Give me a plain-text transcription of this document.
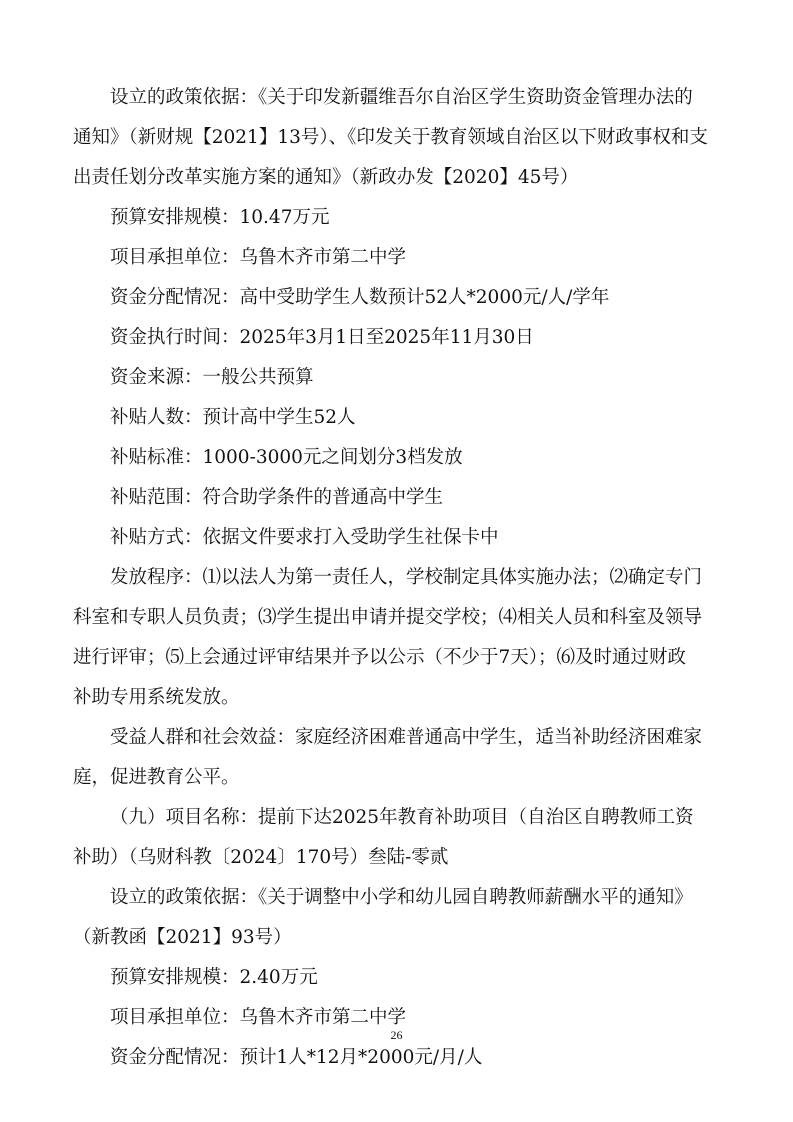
设立的政策依据：《关于印发新疆维吾尔自治区学生资助资金管理办法的
通知》（新财规【2021】13号）、《印发关于教育领域自治区以下财政事权和支
出责任划分改革实施方案的通知》（新政办发【2020】45号）

预算安排规模：10.47万元

项目承担单位：乌鲁木齐市第二中学

资金分配情况：高中受助学生人数预计52人*2000元/人/学年

资金执行时间：2025年3月1日至2025年11月30日

资金来源：一般公共预算

补贴人数：预计高中学生52人

补贴标准：1000-3000元之间划分3档发放

补贴范围：符合助学条件的普通高中学生

补贴方式：依据文件要求打入受助学生社保卡中

发放程序：⑴以法人为第一责任人，学校制定具体实施办法；⑵确定专门
科室和专职人员负责；⑶学生提出申请并提交学校；⑷相关人员和科室及领导
进行评审；⑸上会通过评审结果并予以公示（不少于7天）；⑹及时通过财政
补助专用系统发放。

受益人群和社会效益：家庭经济困难普通高中学生，适当补助经济困难家
庭，促进教育公平。

（九）项目名称：提前下达2025年教育补助项目（自治区自聘教师工资
补助）（乌财科教〔2024〕170号）叁陆-零贰

设立的政策依据：《关于调整中小学和幼儿园自聘教师薪酬水平的通知》
（新教函【2021】93号）

预算安排规模：2.40万元

项目承担单位：乌鲁木齐市第二中学

资金分配情况：预计1人*12月*2000元/月/人

26
